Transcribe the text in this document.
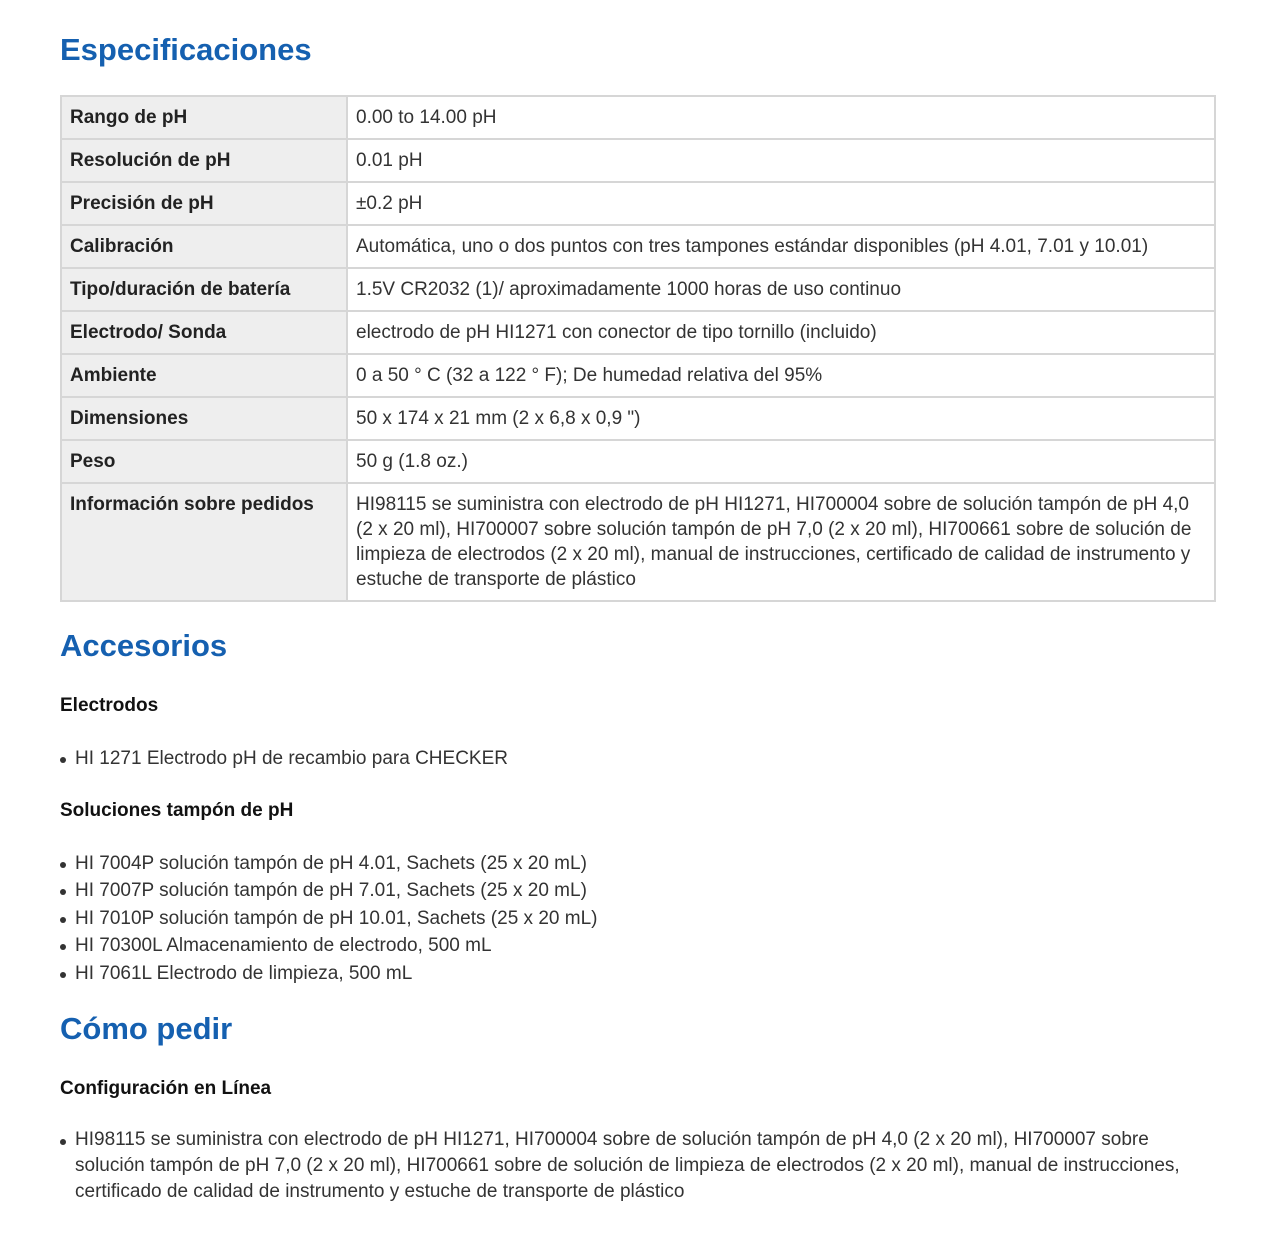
Especificaciones
Rango de pH	0.00 to 14.00 pH
Resolución de pH	0.01 pH
Precisión de pH	±0.2 pH
Calibración	Automática, uno o dos puntos con tres tampones estándar disponibles (pH 4.01, 7.01 y 10.01)
Tipo/duración de batería	1.5V CR2032 (1)/ aproximadamente 1000 horas de uso continuo
Electrodo/ Sonda	electrodo de pH HI1271 con conector de tipo tornillo (incluido)
Ambiente	0 a 50 ° C (32 a 122 ° F); De humedad relativa del 95%
Dimensiones	50 x 174 x 21 mm (2 x 6,8 x 0,9 ")
Peso	50 g (1.8 oz.)
Información sobre pedidos	HI98115 se suministra con electrodo de pH HI1271, HI700004 sobre de solución tampón de pH 4,0 (2 x 20 ml), HI700007 sobre solución tampón de pH 7,0 (2 x 20 ml), HI700661 sobre de solución de limpieza de electrodos (2 x 20 ml), manual de instrucciones, certificado de calidad de instrumento y estuche de transporte de plástico
Accesorios
Electrodos
HI 1271 Electrodo pH de recambio para CHECKER
Soluciones tampón de pH
HI 7004P solución tampón de pH 4.01, Sachets (25 x 20 mL)
HI 7007P solución tampón de pH 7.01, Sachets (25 x 20 mL)
HI 7010P solución tampón de pH 10.01, Sachets (25 x 20 mL)
HI 70300L Almacenamiento de electrodo, 500 mL
HI 7061L Electrodo de limpieza, 500 mL
Cómo pedir
Configuración en Línea
HI98115 se suministra con electrodo de pH HI1271, HI700004 sobre de solución tampón de pH 4,0 (2 x 20 ml), HI700007 sobre solución tampón de pH 7,0 (2 x 20 ml), HI700661 sobre de solución de limpieza de electrodos (2 x 20 ml), manual de instrucciones, certificado de calidad de instrumento y estuche de transporte de plástico
